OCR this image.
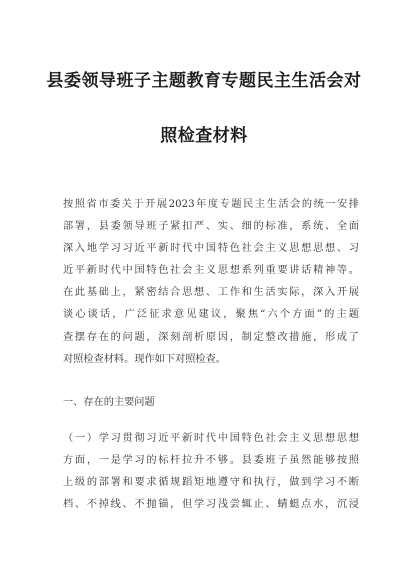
县委领导班子主题教育专题民主生活会对
照检查材料
按照省市委关于开展2023年度专题民主生活会的统一安排
部署，县委领导班子紧扣严、实、细的标准，系统、全面
深入地学习习近平新时代中国特色社会主义思想思想、习
近平新时代中国特色社会主义思想系列重要讲话精神等。
在此基础上，紧密结合思想、工作和生活实际，深入开展
谈心谈话，广泛征求意见建议，聚焦“六个方面”的主题
查摆存在的问题，深刻剖析原因，制定整改措施，形成了
对照检查材料。现作如下对照检查。

一、存在的主要问题

（一）学习贯彻习近平新时代中国特色社会主义思想思想
方面，一是学习的标杆拉升不够。县委班子虽然能够按照
上级的部署和要求循规蹈矩地遵守和执行，做到学习不断
档、不掉线、不抛锚，但学习浅尝辄止、蜻蜓点水，沉浸
